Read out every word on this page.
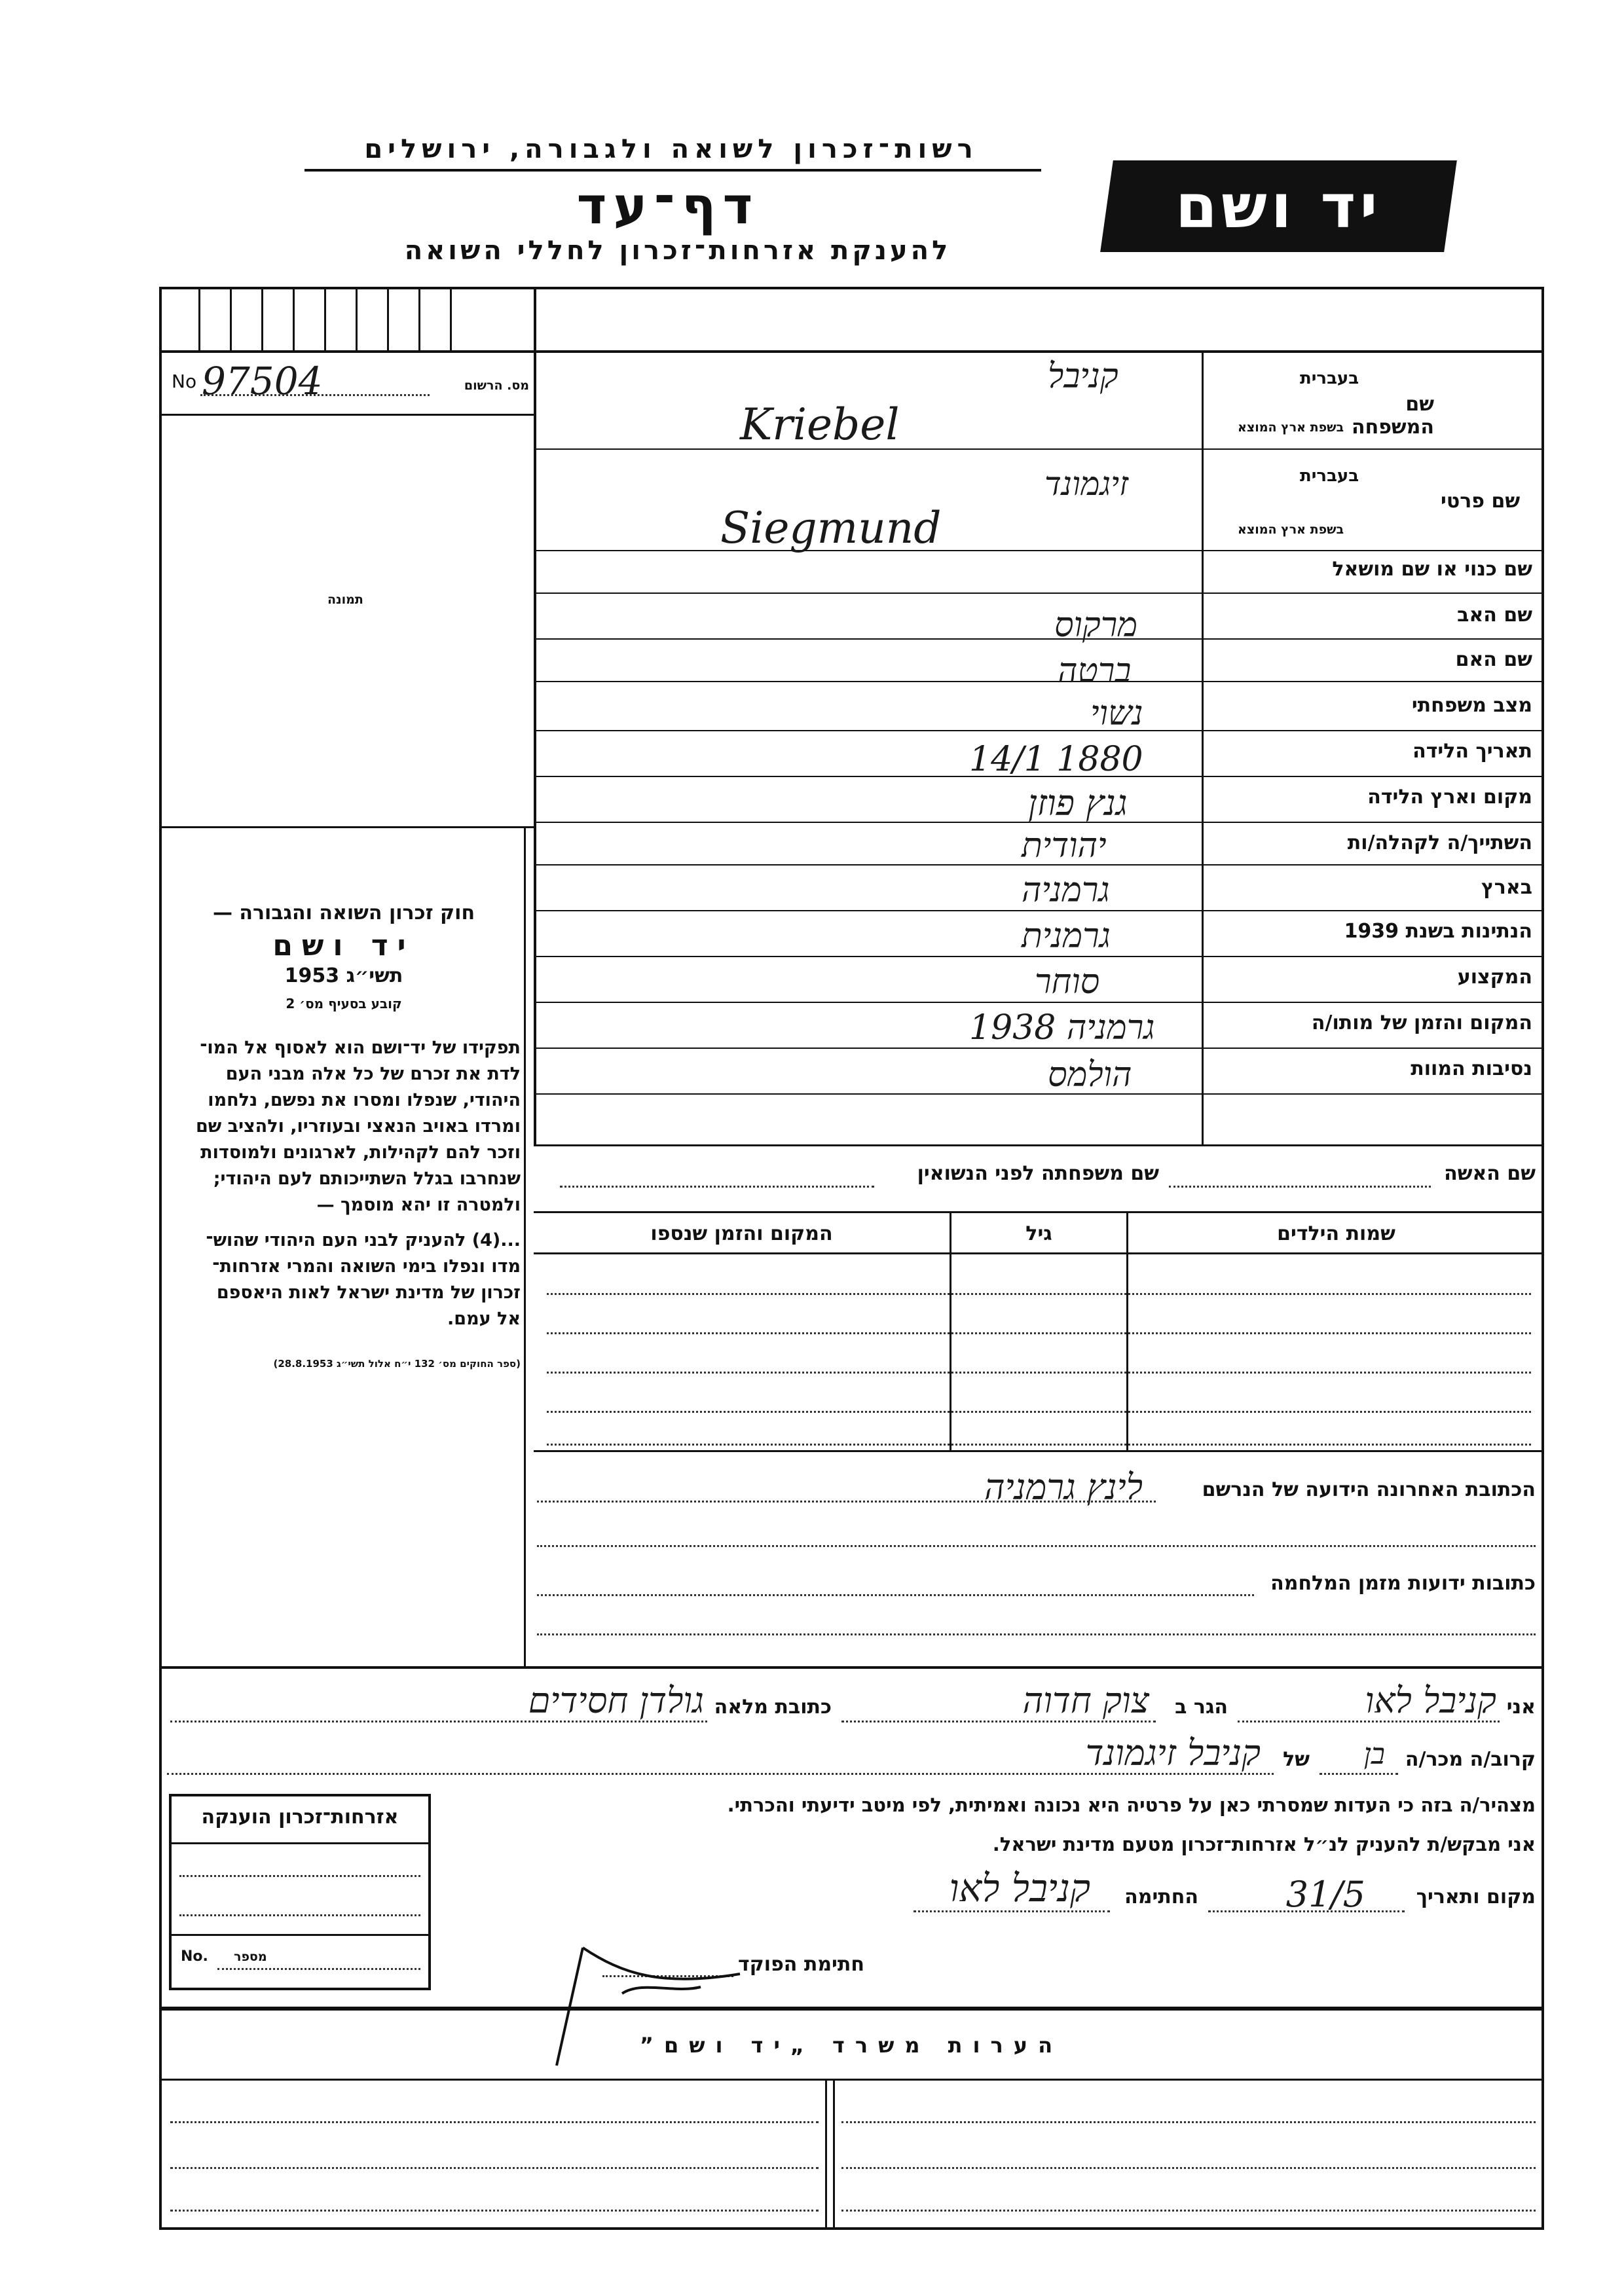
רשות־זכרון לשואה ולגבורה, ירושלים
דף־עד
להענקת אזרחות־זכרון לחללי השואה
יד ושם
No 97504	מס. הרשום
תמונה
חוק זכרון השואה והגבורה —
יד ושם
תשי״ג 1953
קובע בסעיף מס׳ 2
תפקידו של יד־ושם הוא לאסוף אל המו־
לדת את זכרם של כל אלה מבני העם
היהודי, שנפלו ומסרו את נפשם, נלחמו
ומרדו באויב הנאצי ובעוזריו, ולהציב שם
וזכר להם לקהילות, לארגונים ולמוסדות
שנחרבו בגלל השתייכותם לעם היהודי;
ולמטרה זו יהא מוסמך —
...(4) להעניק לבני העם היהודי שהוש־
מדו ונפלו בימי השואה והמרי אזרחות־
זכרון של מדינת ישראל לאות היאספם
אל עמם.
(ספר החוקים מס׳ 132 י״ח אלול תשי״ג 28.8.1953)
שם המשפחה
בעברית
בשפת ארץ המוצא
קניבל
Kriebel
שם פרטי
בעברית
בשפת ארץ המוצא
זיגמונד
Siegmund
שם כנוי או שם מושאל
שם האב
מרקוס
שם האם
ברטה
מצב משפחתי
נשוי
תאריך הלידה
14/1 1880
מקום וארץ הלידה
גנץ פוזן
השתייך/ה לקהלה/ות
יהודית
בארץ
גרמניה
הנתינות בשנת 1939
גרמנית
המקצוע
סוחר
המקום והזמן של מותו/ה
גרמניה 1938
נסיבות המוות
הולמס
שם האשה
שם משפחתה לפני הנשואין
שמות הילדים
גיל
המקום והזמן שנספו
הכתובת האחרונה הידועה של הנרשם
לינץ גרמניה
כתובות ידועות מזמן המלחמה
אני
קניבל לאו
הגר ב
צוק חדוה
כתובת מלאה
גולדן חסידים
קרוב/ה מכר/ה
בן
של
קניבל זיגמונד
מצהיר/ה בזה כי העדות שמסרתי כאן על פרטיה היא נכונה ואמיתית, לפי מיטב ידיעתי והכרתי.
אני מבקש/ת להעניק לנ״ל אזרחות־זכרון מטעם מדינת ישראל.
מקום ותאריך
31/5
החתימה
קניבל לאו
חתימת הפוקד
אזרחות־זכרון הוענקה
No. מספר
הערות משרד „יד ושם”
